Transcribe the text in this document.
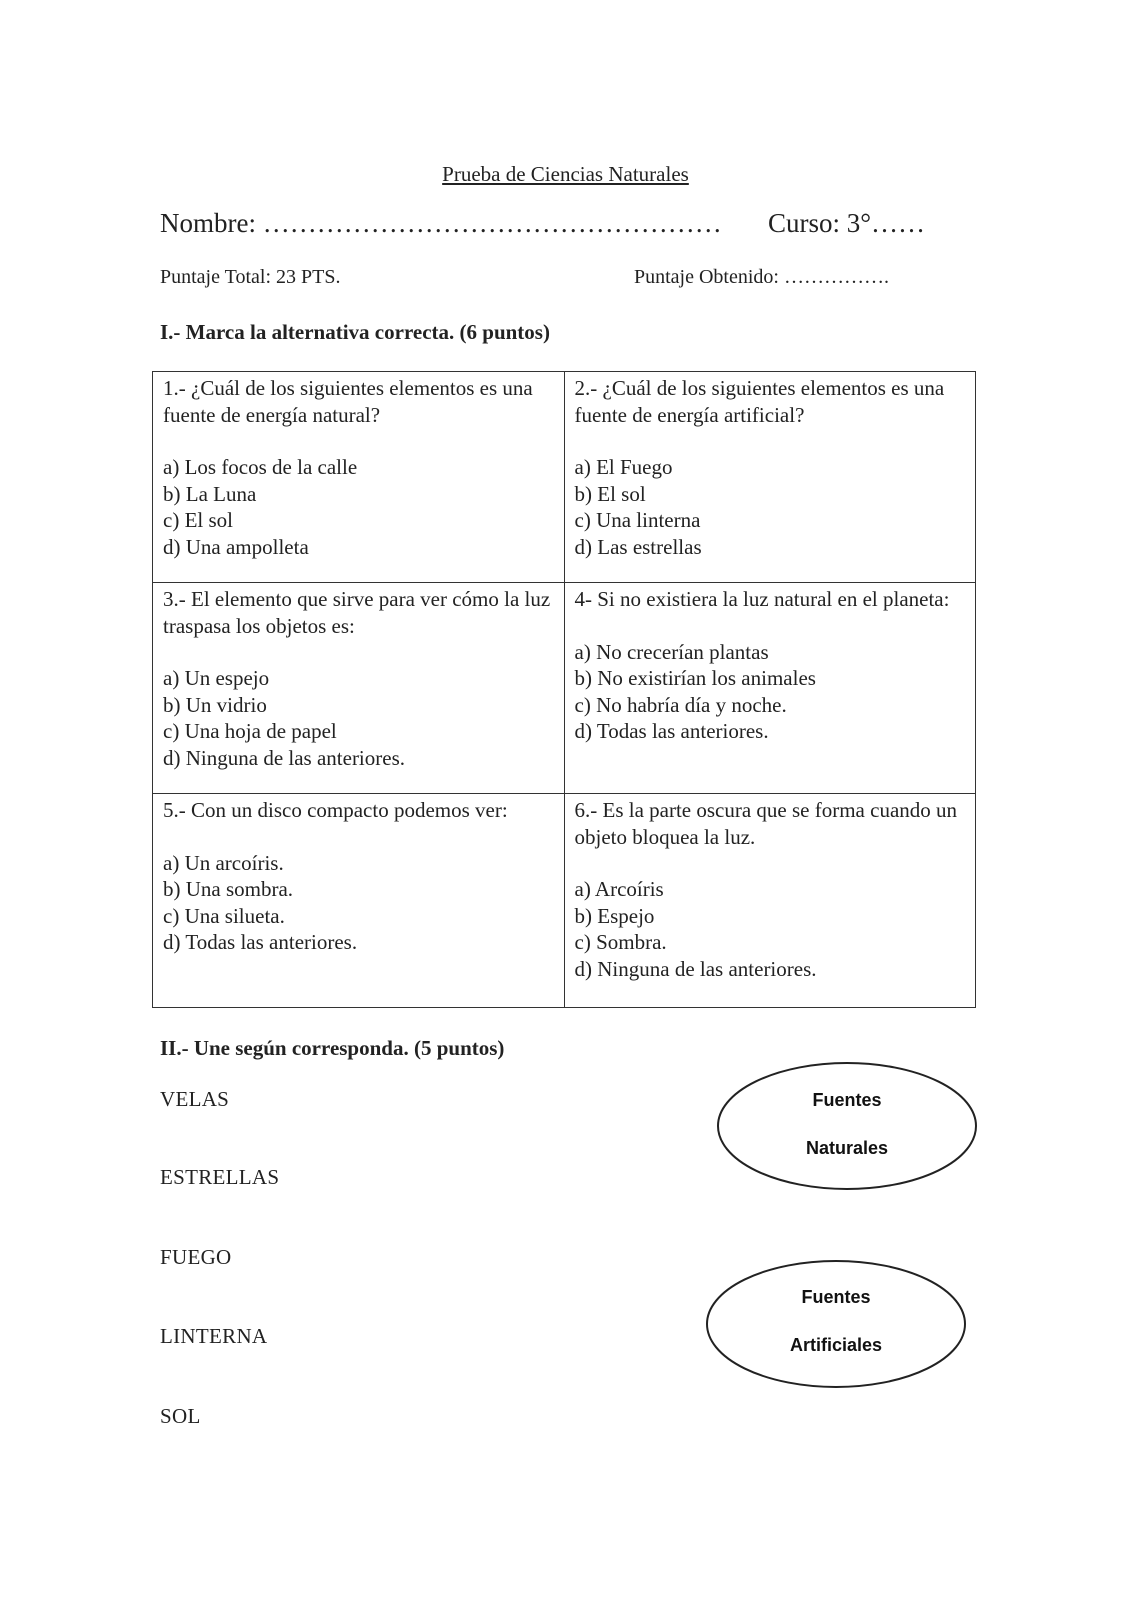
Prueba de Ciencias Naturales
Nombre: …………………………………………… Curso: 3°……
Puntaje Total: 23 PTS.	Puntaje Obtenido: …………….
I.- Marca la alternativa correcta. (6 puntos)
1.- ¿Cuál de los siguientes elementos es una fuente de energía natural?
a) Los focos de la calle
b) La Luna
c) El sol
d) Una ampolleta	2.- ¿Cuál de los siguientes elementos es una fuente de energía artificial?
a) El Fuego
b) El sol
c) Una linterna
d) Las estrellas

3.- El elemento que sirve para ver cómo la luz traspasa los objetos es:
a) Un espejo
b) Un vidrio
c) Una hoja de papel
d) Ninguna de las anteriores.	4- Si no existiera la luz natural en el planeta:
a) No crecerían plantas
b) No existirían los animales
c) No habría día y noche.
d) Todas las anteriores.

5.- Con un disco compacto podemos ver:
a) Un arcoíris.
b) Una sombra.
c) Una silueta.
d) Todas las anteriores.	6.- Es la parte oscura que se forma cuando un objeto bloquea la luz.
a) Arcoíris
b) Espejo
c) Sombra.
d) Ninguna de las anteriores.
II.- Une según corresponda. (5 puntos)
VELAS
ESTRELLAS
FUEGO
LINTERNA
SOL
Fuentes
Naturales
Fuentes
Artificiales
